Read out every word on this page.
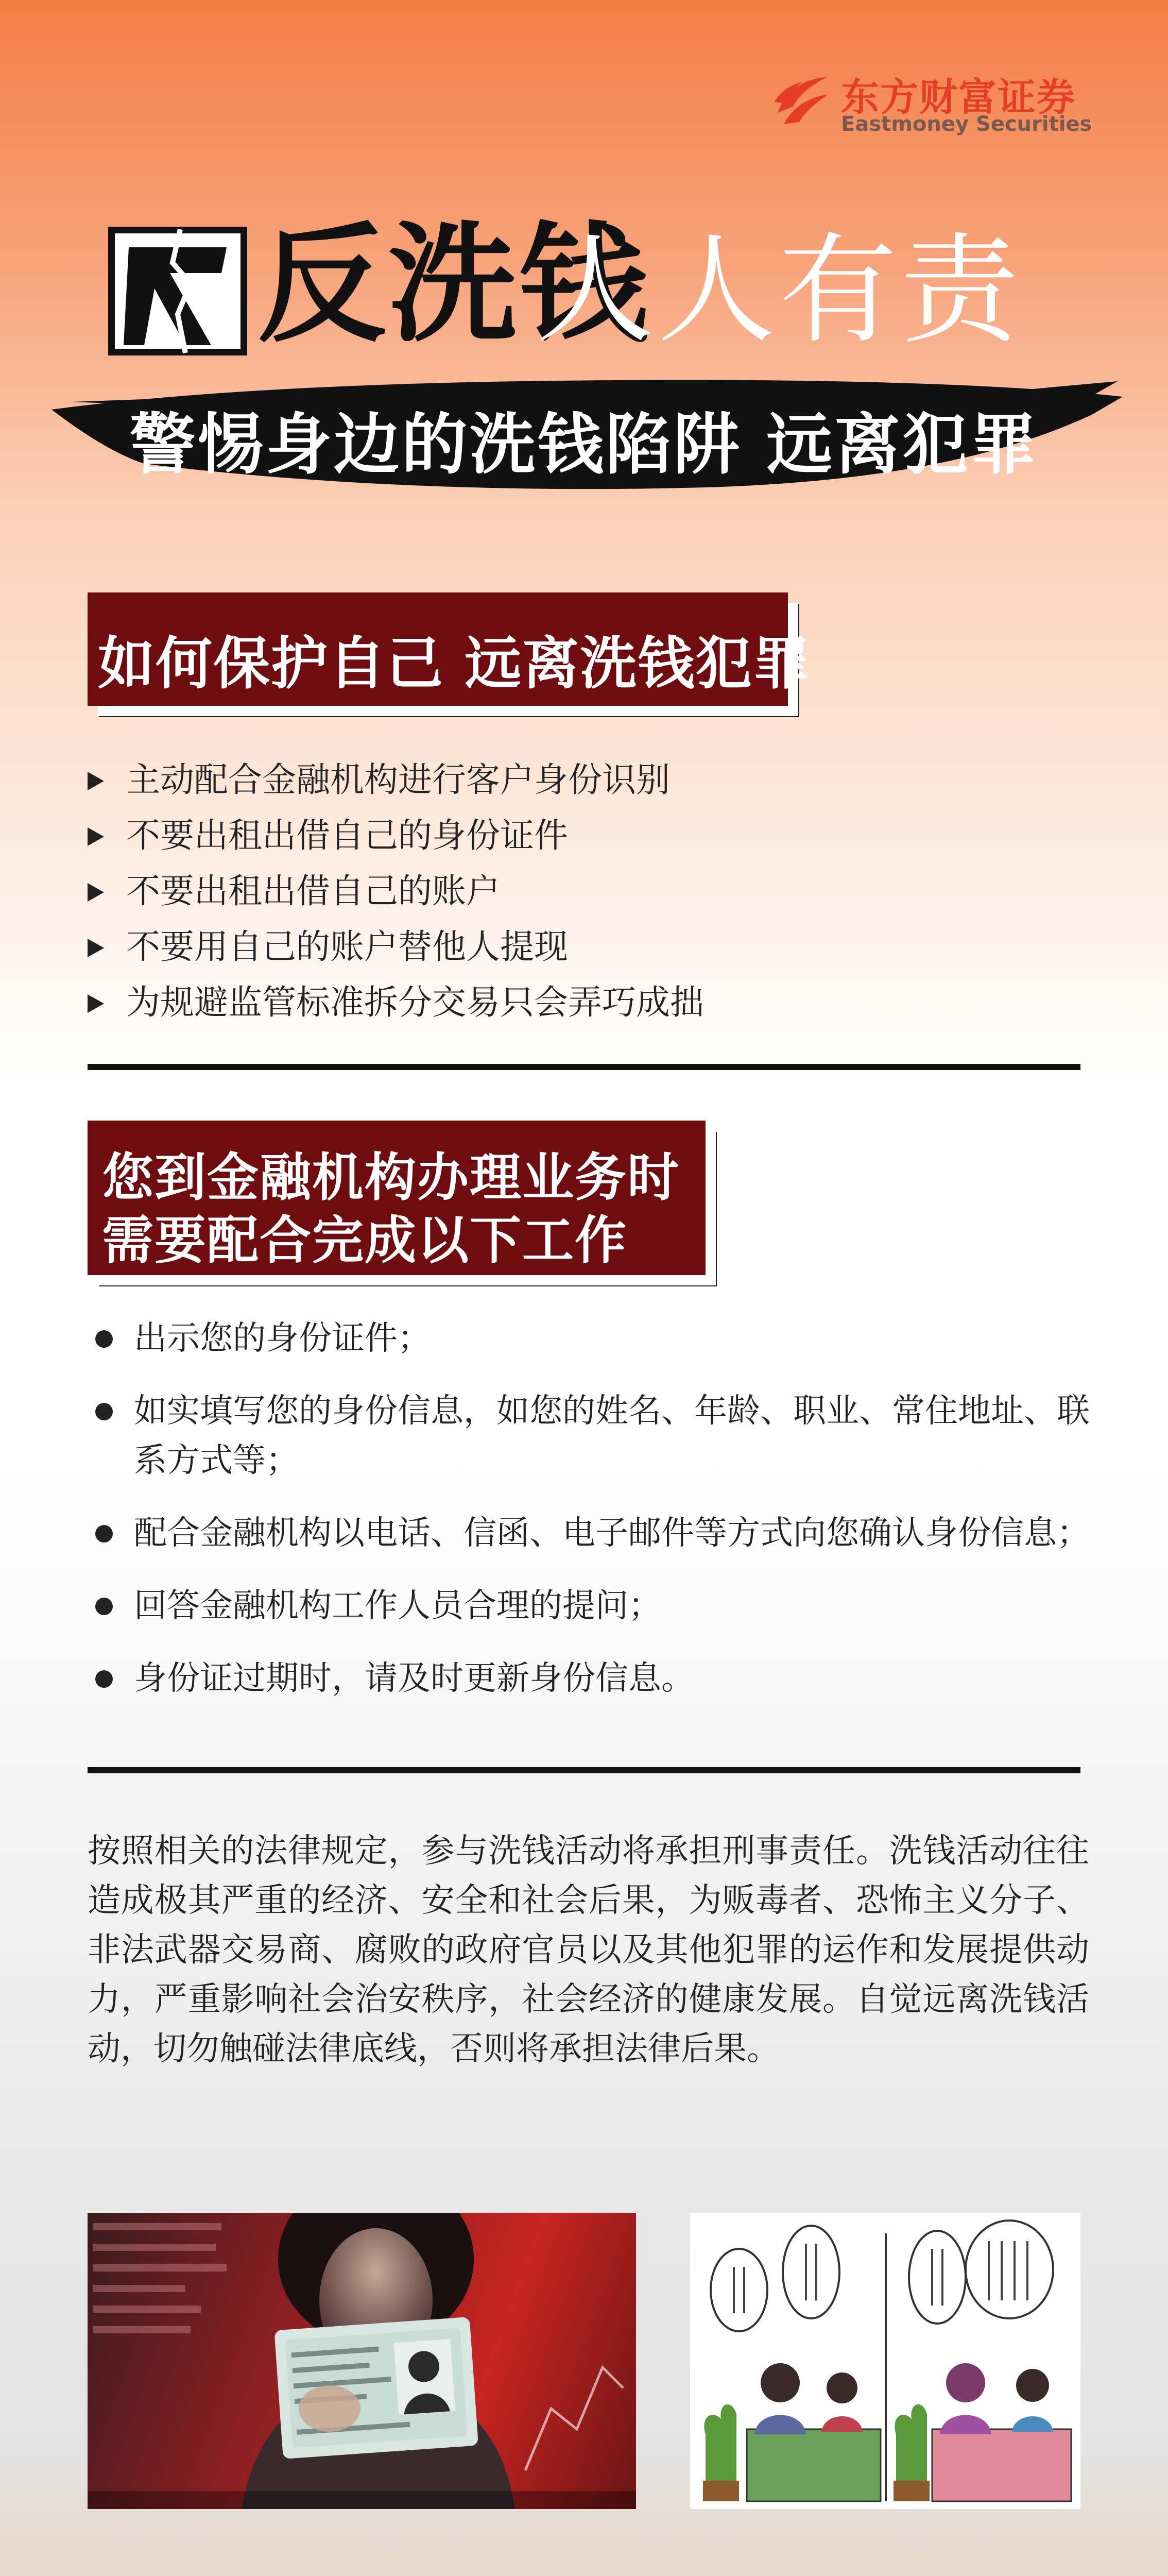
东方财富证券
Eastmoney Securities
反洗钱
人人有责
警惕身边的洗钱陷阱 远离犯罪
如何保护自己 远离洗钱犯罪
主动配合金融机构进行客户身份识别
不要出租出借自己的身份证件
不要出租出借自己的账户
不要用自己的账户替他人提现
为规避监管标准拆分交易只会弄巧成拙
您到金融机构办理业务时
需要配合完成以下工作
出示您的身份证件；
如实填写您的身份信息，如您的姓名、年龄、职业、常住地址、联系方式等；
配合金融机构以电话、信函、电子邮件等方式向您确认身份信息；
回答金融机构工作人员合理的提问；
身份证过期时，请及时更新身份信息。
按照相关的法律规定，参与洗钱活动将承担刑事责任。洗钱活动往往造成极其严重的经济、安全和社会后果，为贩毒者、恐怖主义分子、非法武器交易商、腐败的政府官员以及其他犯罪的运作和发展提供动力，严重影响社会治安秩序，社会经济的健康发展。自觉远离洗钱活动，切勿触碰法律底线，否则将承担法律后果。
